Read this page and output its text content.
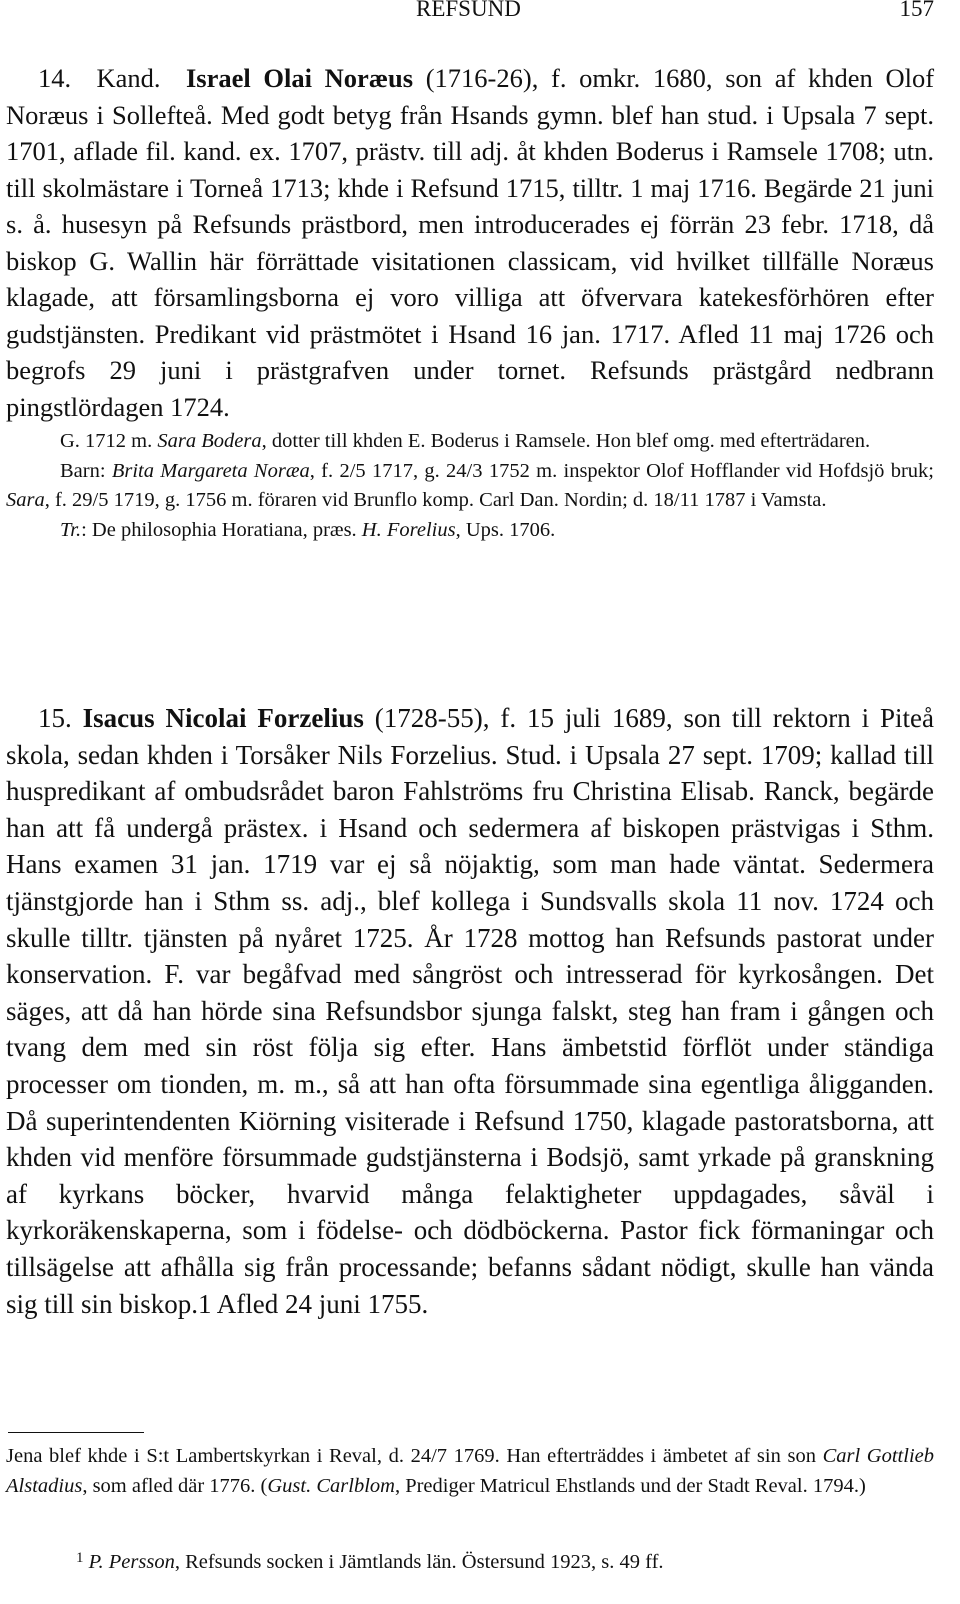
REFSUND	157

14. Kand. Israel Olai Noræus (1716-26), f. omkr. 1680, son af khden Olof Noræus i Sollefteå. Med godt betyg från Hsands gymn. blef han stud. i Upsala 7 sept. 1701, aflade fil. kand. ex. 1707, prästv. till adj. åt khden Boderus i Ramsele 1708; utn. till skolmästare i Torneå 1713; khde i Refsund 1715, tilltr. 1 maj 1716. Begärde 21 juni s. å. husesyn på Refsunds prästbord, men introducerades ej förrän 23 febr. 1718, då biskop G. Wallin här förrättade visitationen classicam, vid hvilket tillfälle Noræus klagade, att församlingsborna ej voro villiga att öfvervara katekesförhören efter gudstjänsten. Predikant vid prästmötet i Hsand 16 jan. 1717. Afled 11 maj 1726 och begrofs 29 juni i prästgrafven under tornet. Refsunds prästgård nedbrann pingstlördagen 1724.

G. 1712 m. Sara Bodera, dotter till khden E. Boderus i Ramsele. Hon blef omg. med efterträdaren.

Barn: Brita Margareta Noræa, f. 2/5 1717, g. 24/3 1752 m. inspektor Olof Hofflander vid Hofdsjö bruk; Sara, f. 29/5 1719, g. 1756 m. föraren vid Brunflo komp. Carl Dan. Nordin; d. 18/11 1787 i Vamsta.

Tr.: De philosophia Horatiana, præs. H. Forelius, Ups. 1706.

15. Isacus Nicolai Forzelius (1728-55), f. 15 juli 1689, son till rektorn i Piteå skola, sedan khden i Torsåker Nils Forzelius. Stud. i Upsala 27 sept. 1709; kallad till huspredikant af ombudsrådet baron Fahlströms fru Christina Elisab. Ranck, begärde han att få undergå prästex. i Hsand och sedermera af biskopen prästvigas i Sthm. Hans examen 31 jan. 1719 var ej så nöjaktig, som man hade väntat. Sedermera tjänstgjorde han i Sthm ss. adj., blef kollega i Sundsvalls skola 11 nov. 1724 och skulle tilltr. tjänsten på nyåret 1725. År 1728 mottog han Refsunds pastorat under konservation. F. var begåfvad med sångröst och intresserad för kyrkosången. Det säges, att då han hörde sina Refsundsbor sjunga falskt, steg han fram i gången och tvang dem med sin röst följa sig efter. Hans ämbetstid förflöt under ständiga processer om tionden, m. m., så att han ofta försummade sina egentliga åligganden. Då superintendenten Kiörning visiterade i Refsund 1750, klagade pastoratsborna, att khden vid menföre försummade gudstjänsterna i Bodsjö, samt yrkade på granskning af kyrkans böcker, hvarvid många felaktigheter uppdagades, såväl i kyrkoräkenskaperna, som i födelse- och dödböckerna. Pastor fick förmaningar och tillsägelse att afhålla sig från processande; befanns sådant nödigt, skulle han vända sig till sin biskop.1 Afled 24 juni 1755.

Jena blef khde i S:t Lambertskyrkan i Reval, d. 24/7 1769. Han efterträddes i ämbetet af sin son Carl Gottlieb Alstadius, som afled där 1776. (Gust. Carlblom, Prediger Matricul Ehstlands und der Stadt Reval. 1794.)

$^1$ P. Persson, Refsunds socken i Jämtlands län. Östersund 1923, s. 49 ff.
